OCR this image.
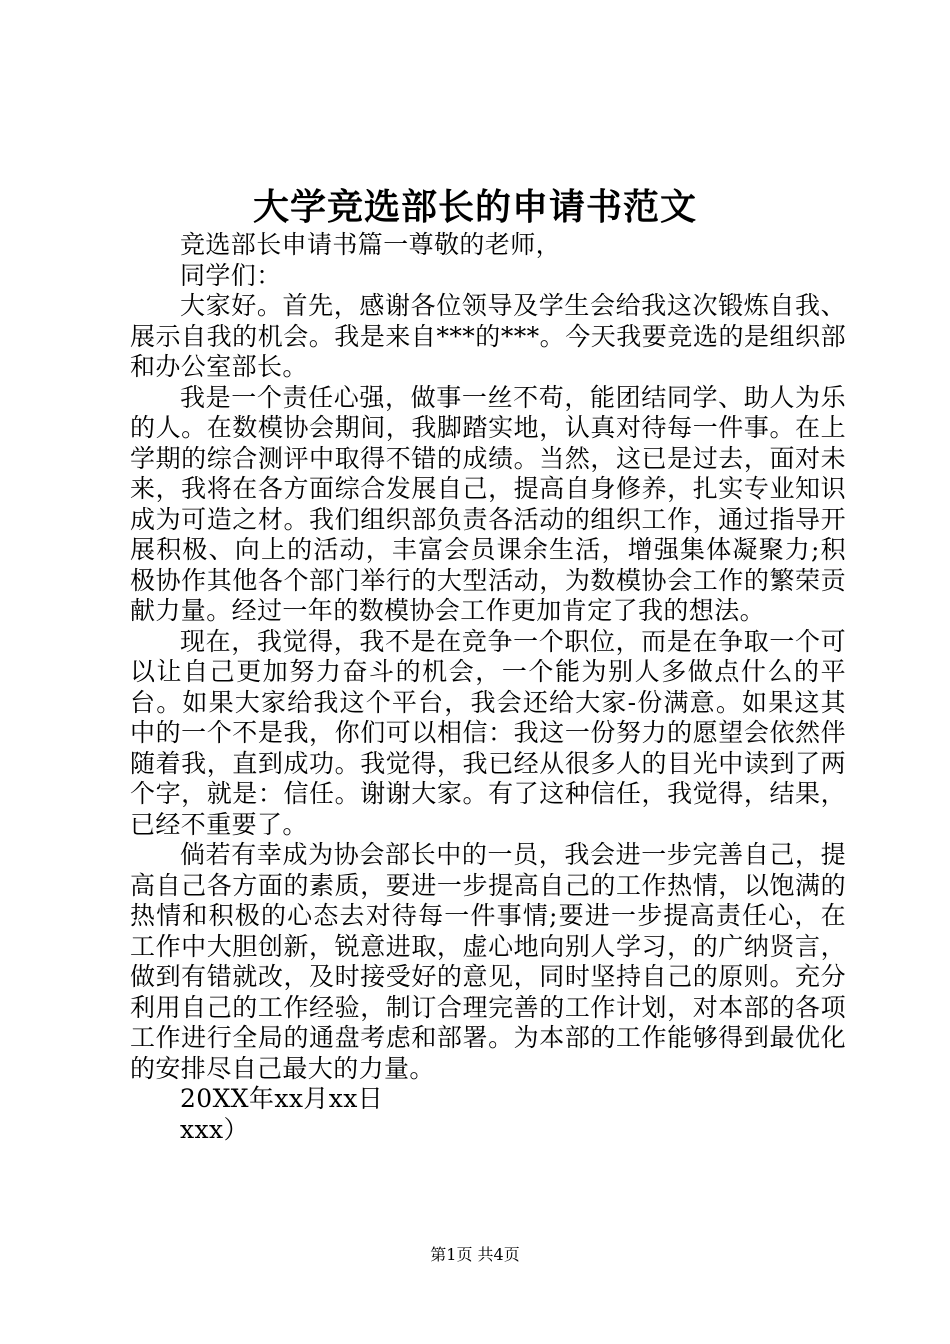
大学竞选部长的申请书范文

竞选部长申请书篇一尊敬的老师，

同学们：

大家好。首先，感谢各位领导及学生会给我这次锻炼自我、展示自我的机会。我是来自***的***。今天我要竞选的是组织部和办公室部长。

我是一个责任心强，做事一丝不苟，能团结同学、助人为乐的人。在数模协会期间，我脚踏实地，认真对待每一件事。在上学期的综合测评中取得不错的成绩。当然，这已是过去，面对未来，我将在各方面综合发展自己，提高自身修养，扎实专业知识成为可造之材。我们组织部负责各活动的组织工作，通过指导开展积极、向上的活动，丰富会员课余生活，增强集体凝聚力;积极协作其他各个部门举行的大型活动，为数模协会工作的繁荣贡献力量。经过一年的数模协会工作更加肯定了我的想法。

现在，我觉得，我不是在竞争一个职位，而是在争取一个可以让自己更加努力奋斗的机会，一个能为别人多做点什么的平台。如果大家给我这个平台，我会还给大家-份满意。如果这其中的一个不是我，你们可以相信：我这一份努力的愿望会依然伴随着我，直到成功。我觉得，我已经从很多人的目光中读到了两个字，就是：信任。谢谢大家。有了这种信任，我觉得，结果，已经不重要了。

倘若有幸成为协会部长中的一员，我会进一步完善自己，提高自己各方面的素质，要进一步提高自己的工作热情，以饱满的热情和积极的心态去对待每一件事情;要进一步提高责任心，在工作中大胆创新，锐意进取，虚心地向别人学习，的广纳贤言，做到有错就改，及时接受好的意见，同时坚持自己的原则。充分利用自己的工作经验，制订合理完善的工作计划，对本部的各项工作进行全局的通盘考虑和部署。为本部的工作能够得到最优化的安排尽自己最大的力量。

20XX年xx月xx日

xxx）

第1页 共4页
